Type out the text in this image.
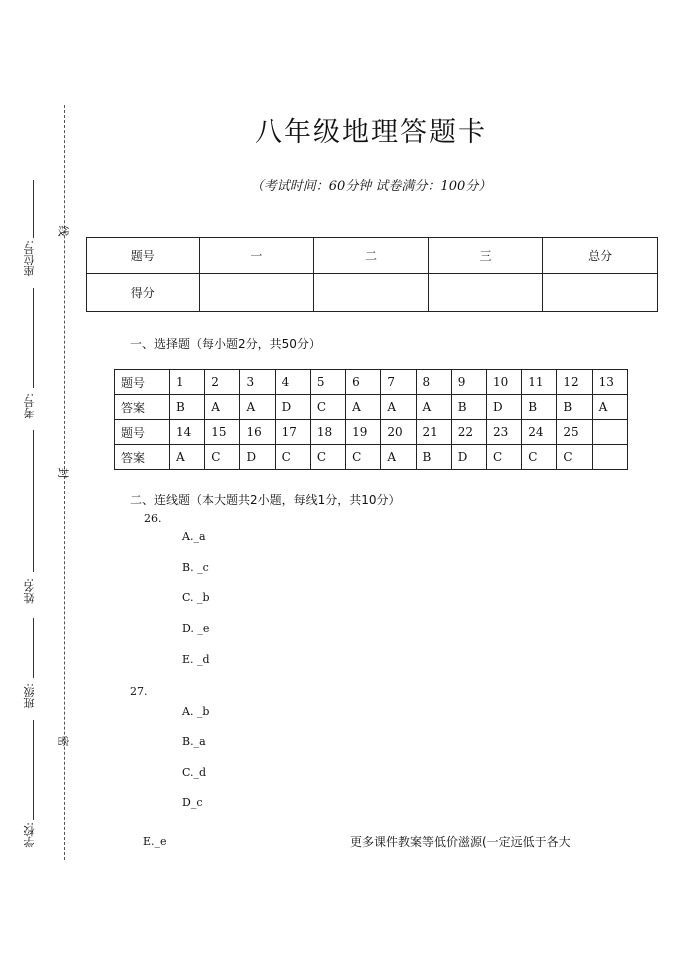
座位号:
考号:
姓名:
班级:
学校:
线
封
密
八年级地理答题卡
（考试时间：60分钟 试卷满分：100分）
题号	一	二	三	总分
得分				
一、选择题（每小题2分，共50分）
题号	1	2	3	4	5	6	7	8	9	10	11	12	13
答案	B	A	A	D	C	A	A	A	B	D	B	B	A
题号	14	15	16	17	18	19	20	21	22	23	24	25	
答案	A	C	D	C	C	C	A	B	D	C	C	C	
二、连线题（本大题共2小题，每线1分，共10分）
26.
A._a
B. _c
C. _b
D. _e
E. _d
27.
A. _b
B._a
C._d
D_c
E._e	更多课件教案等低价滋源(一定远低于各大
